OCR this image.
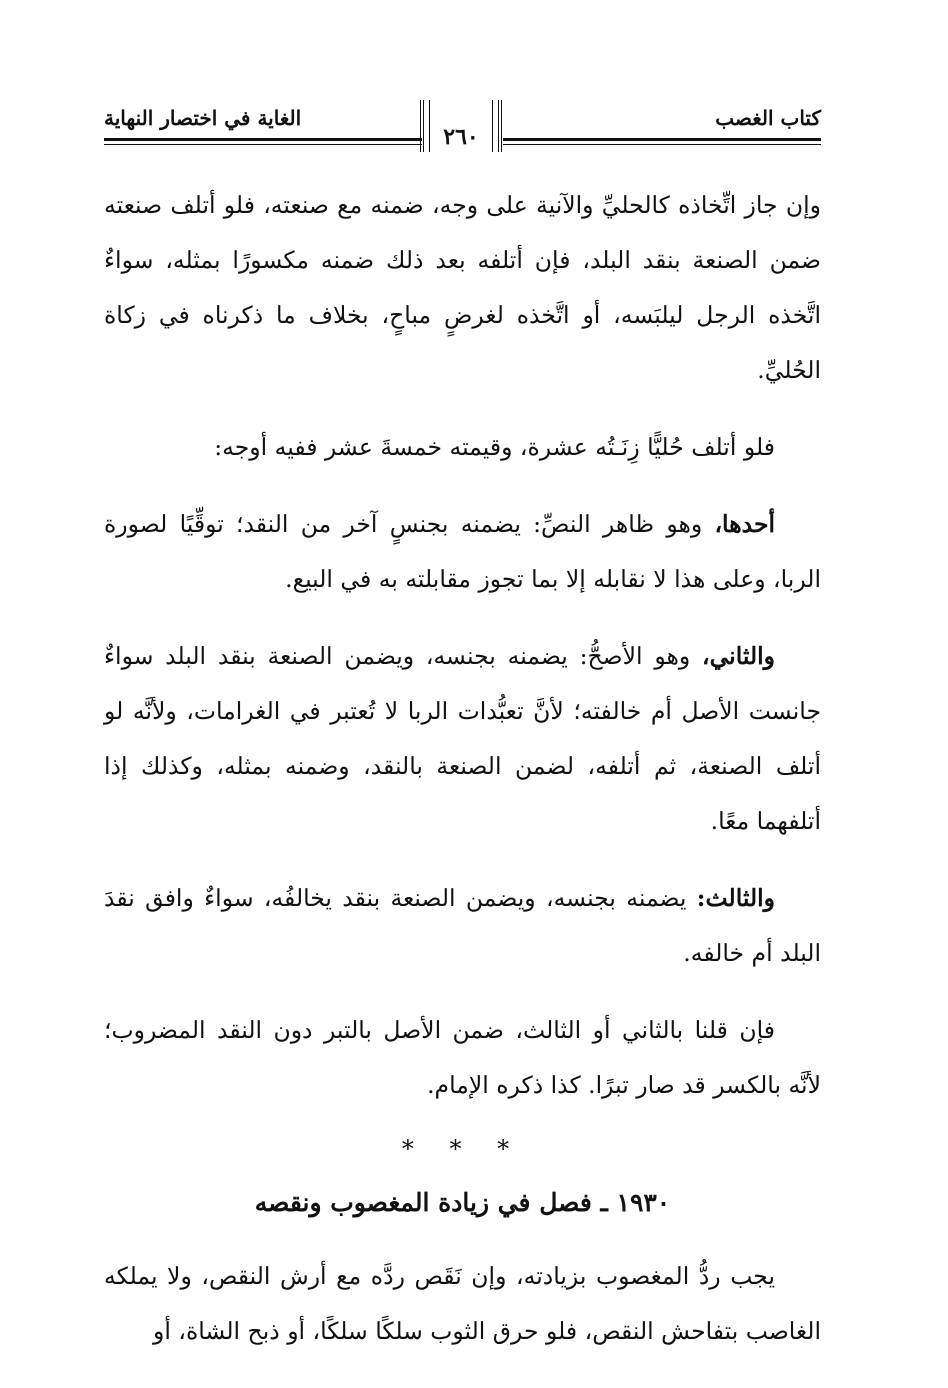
كتاب الغصب
الغاية في اختصار النهاية
٢٦٠

وإن جاز اتِّخاذه كالحليِّ والآنية على وجه، ضمنه مع صنعته، فلو أتلف صنعته ضمن الصنعة بنقد البلد، فإن أتلفه بعد ذلك ضمنه مكسورًا بمثله، سواءٌ اتَّخذه الرجل ليلبَسه، أو اتَّخذه لغرضٍ مباحٍ، بخلاف ما ذكرناه في زكاة الحُليِّ.

فلو أتلف حُليًّا زِنَـتُه عشرة، وقيمته خمسةَ عشر ففيه أوجه:

أحدها، وهو ظاهر النصِّ: يضمنه بجنسٍ آخر من النقد؛ توقِّيًا لصورة الربا، وعلى هذا لا نقابله إلا بما تجوز مقابلته به في البيع.

والثاني، وهو الأصحُّ: يضمنه بجنسه، ويضمن الصنعة بنقد البلد سواءٌ جانست الأصل أم خالفته؛ لأنَّ تعبُّدات الربا لا تُعتبر في الغرامات، ولأنَّه لو أتلف الصنعة، ثم أتلفه، لضمن الصنعة بالنقد، وضمنه بمثله، وكذلك إذا أتلفهما معًا.

والثالث: يضمنه بجنسه، ويضمن الصنعة بنقد يخالفُه، سواءٌ وافق نقدَ البلد أم خالفه.

فإن قلنا بالثاني أو الثالث، ضمن الأصل بالتبر دون النقد المضروب؛ لأنَّه بالكسر قد صار تبرًا. كذا ذكره الإمام.

* * *
١٩٣٠ ـ فصل في زيادة المغصوب ونقصه

يجب ردُّ المغصوب بزيادته، وإن نَقَص ردَّه مع أرش النقص، ولا يملكه الغاصب بتفاحش النقص، فلو حرق الثوب سلكًا سلكًا، أو ذبح الشاة، أو
